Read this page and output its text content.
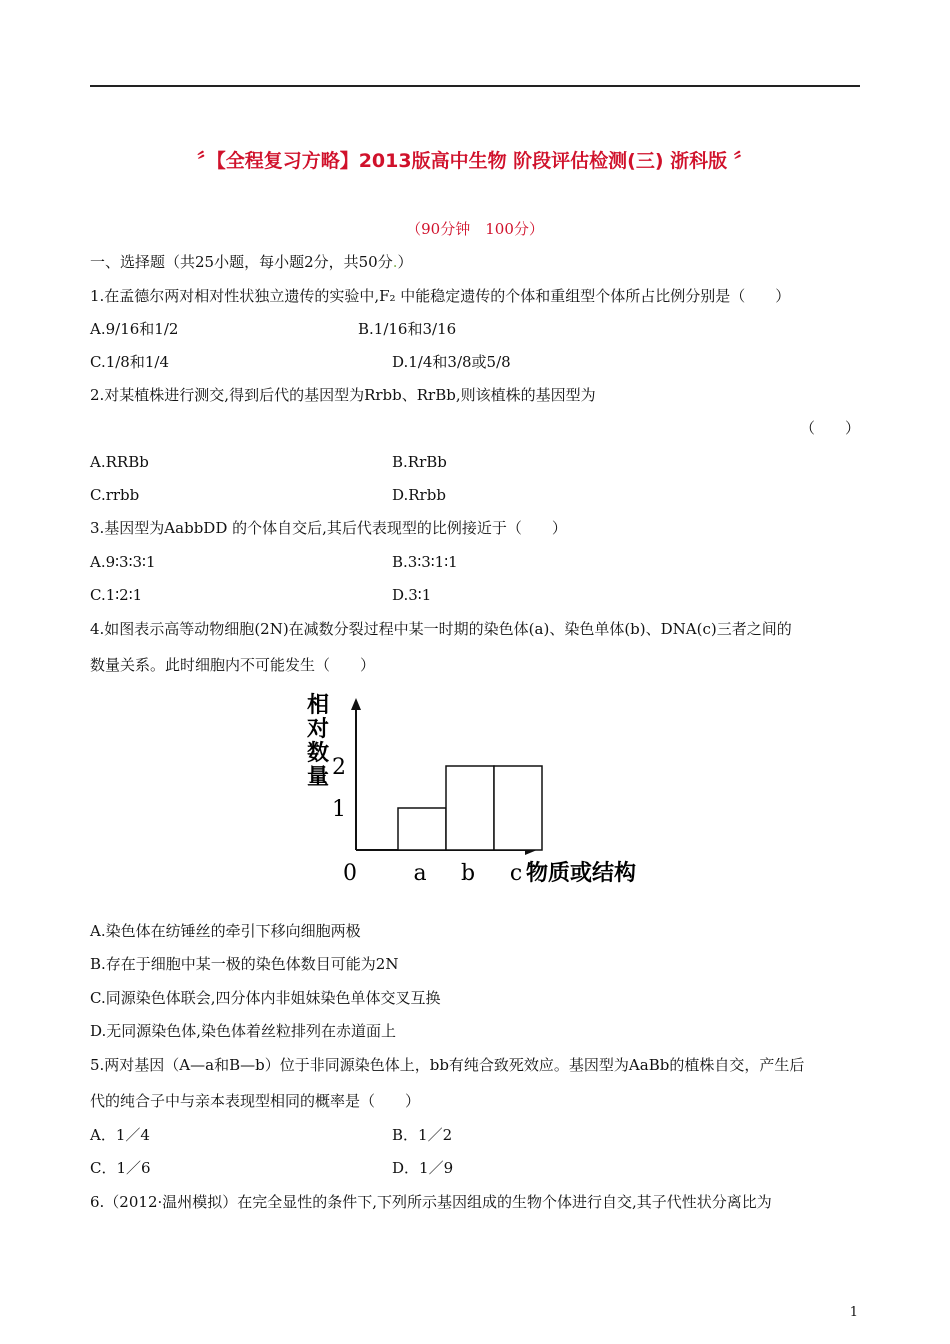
〞【全程复习方略】2013版高中生物 阶段评估检测(三) 浙科版 〞
（90分钟　100分）
一、选择题（共25小题，每小题2分，共50分.）
1.在孟德尔两对相对性状独立遗传的实验中,F₂ 中能稳定遗传的个体和重组型个体所占比例分别是（　　）
A.9/16和1/2	B.1/16和3/16
C.1/8和1/4	D.1/4和3/8或5/8
2.对某植株进行测交,得到后代的基因型为Rrbb、RrBb,则该植株的基因型为
（　　）
A.RRBb	B.RrBb
C.rrbb	D.Rrbb
3.基因型为AabbDD 的个体自交后,其后代表现型的比例接近于（　　）
A.9∶3∶3∶1	B.3∶3∶1∶1
C.1∶2∶1	D.3∶1
4.如图表示高等动物细胞(2N)在减数分裂过程中某一时期的染色体(a)、染色单体(b)、DNA(c)三者之间的
数量关系。此时细胞内不可能发生（　　）
相
对
数
量
1
2
0	a b c 物质或结构
A.染色体在纺锤丝的牵引下移向细胞两极
B.存在于细胞中某一极的染色体数目可能为2N
C.同源染色体联会,四分体内非姐妹染色单体交叉互换
D.无同源染色体,染色体着丝粒排列在赤道面上
5.两对基因（A—a和B—b）位于非同源染色体上，bb有纯合致死效应。基因型为AaBb的植株自交，产生后
代的纯合子中与亲本表现型相同的概率是（　　）
A．1／4	B．1／2
C．1／6	D．1／9
6.（2012·温州模拟）在完全显性的条件下,下列所示基因组成的生物个体进行自交,其子代性状分离比为
1
